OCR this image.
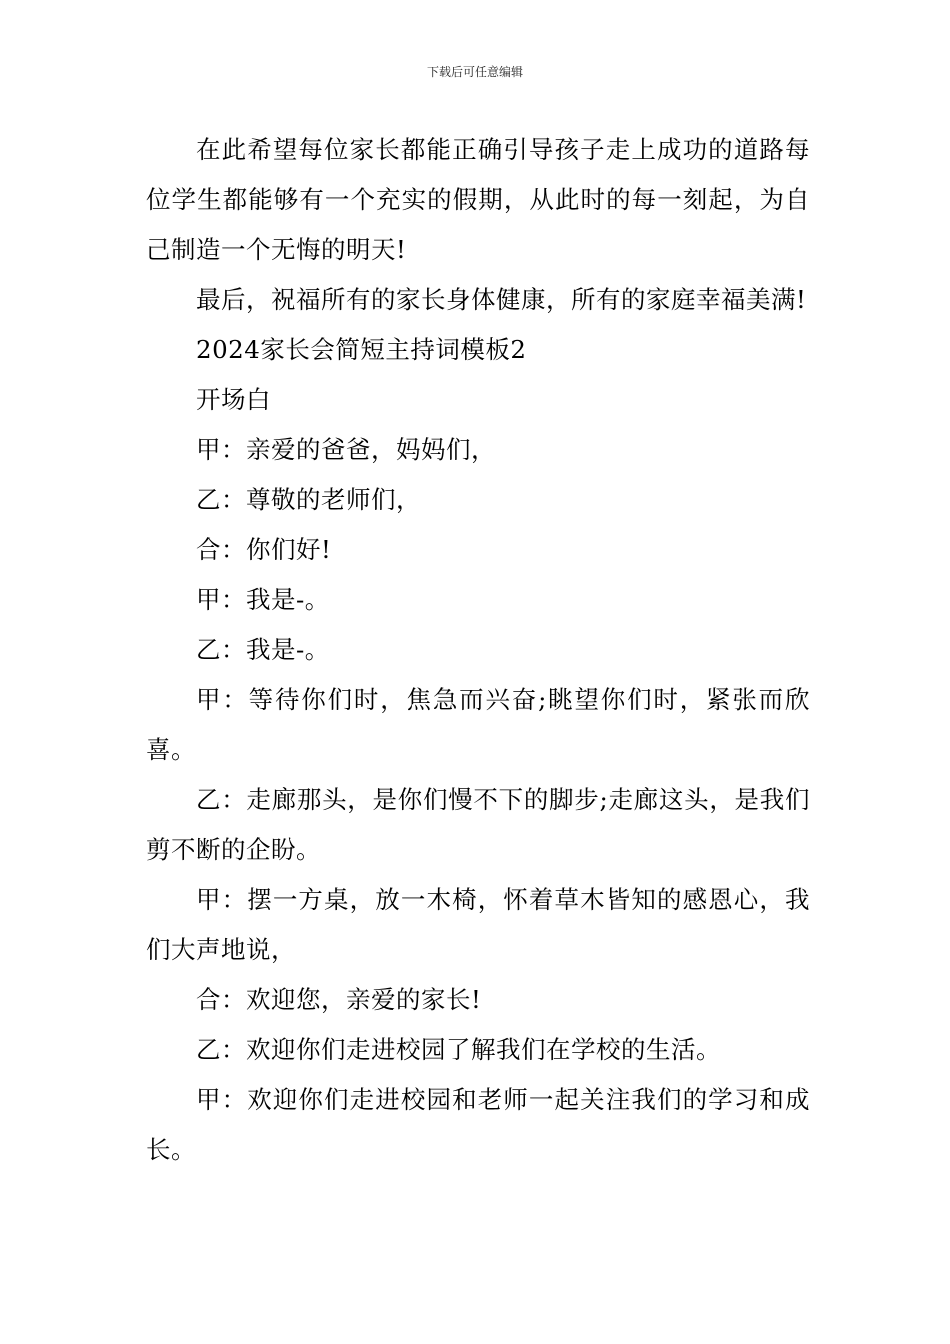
下载后可任意编辑

在此希望每位家长都能正确引导孩子走上成功的道路每位学生都能够有一个充实的假期，从此时的每一刻起，为自己制造一个无悔的明天!

最后，祝福所有的家长身体健康，所有的家庭幸福美满!

2024家长会简短主持词模板2

开场白

甲：亲爱的爸爸，妈妈们，

乙：尊敬的老师们，

合：你们好!

甲：我是-。

乙：我是-。

甲：等待你们时，焦急而兴奋;眺望你们时，紧张而欣喜。

乙：走廊那头，是你们慢不下的脚步;走廊这头，是我们剪不断的企盼。

甲：摆一方桌，放一木椅，怀着草木皆知的感恩心，我们大声地说，

合：欢迎您，亲爱的家长!

乙：欢迎你们走进校园了解我们在学校的生活。

甲：欢迎你们走进校园和老师一起关注我们的学习和成长。
